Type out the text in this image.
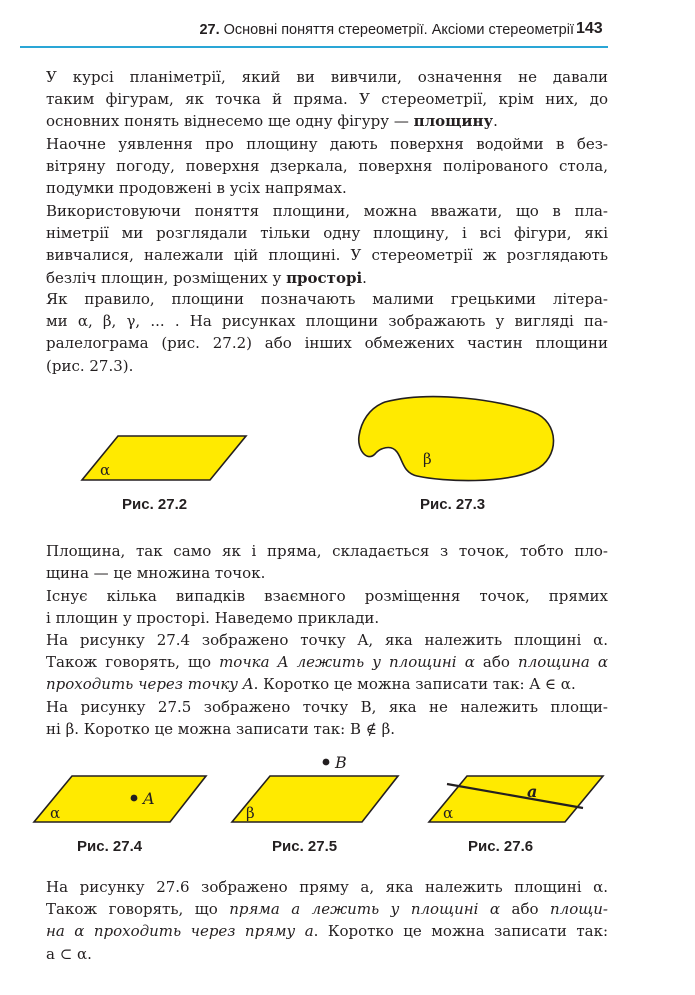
27. Основні поняття стереометрії. Аксіоми стереометрії 143
У курсі планіметрії, який ви вивчили, означення не давали
таким фігурам, як точка й пряма. У стереометрії, крім них, до
основних понять віднесемо ще одну фігуру — площину.
Наочне уявлення про площину дають поверхня водойми в без-
вітряну погоду, поверхня дзеркала, поверхня полірованого стола,
подумки продовжені в усіх напрямах.
Використовуючи поняття площини, можна вважати, що в пла-
німетрії ми розглядали тільки одну площину, і всі фігури, які
вивчалися, належали цій площині. У стереометрії ж розглядають
безліч площин, розміщених у просторі.
Як правило, площини позначають малими грецькими літера-
ми α, β, γ, ... . На рисунках площини зображають у вигляді па-
ралелограма (рис. 27.2) або інших обмежених частин площини
(рис. 27.3).
α
Рис. 27.2
β
Рис. 27.3
Площина, так само як і пряма, складається з точок, тобто пло-
щина — це множина точок.
Існує кілька випадків взаємного розміщення точок, прямих
і площин у просторі. Наведемо приклади.
На рисунку 27.4 зображено точку A, яка належить площині α.
Також говорять, що точка A лежить у площині α або площина α
проходить через точку A. Коротко це можна записати так: A ∈ α.
На рисунку 27.5 зображено точку B, яка не належить площи-
ні β. Коротко це можна записати так: B ∉ β.
α
A
Рис. 27.4
B
β
Рис. 27.5
α
a
Рис. 27.6
На рисунку 27.6 зображено пряму a, яка належить площині α.
Також говорять, що пряма a лежить у площині α або площи-
на α проходить через пряму a. Коротко це можна записати так:
a ⊂ α.
